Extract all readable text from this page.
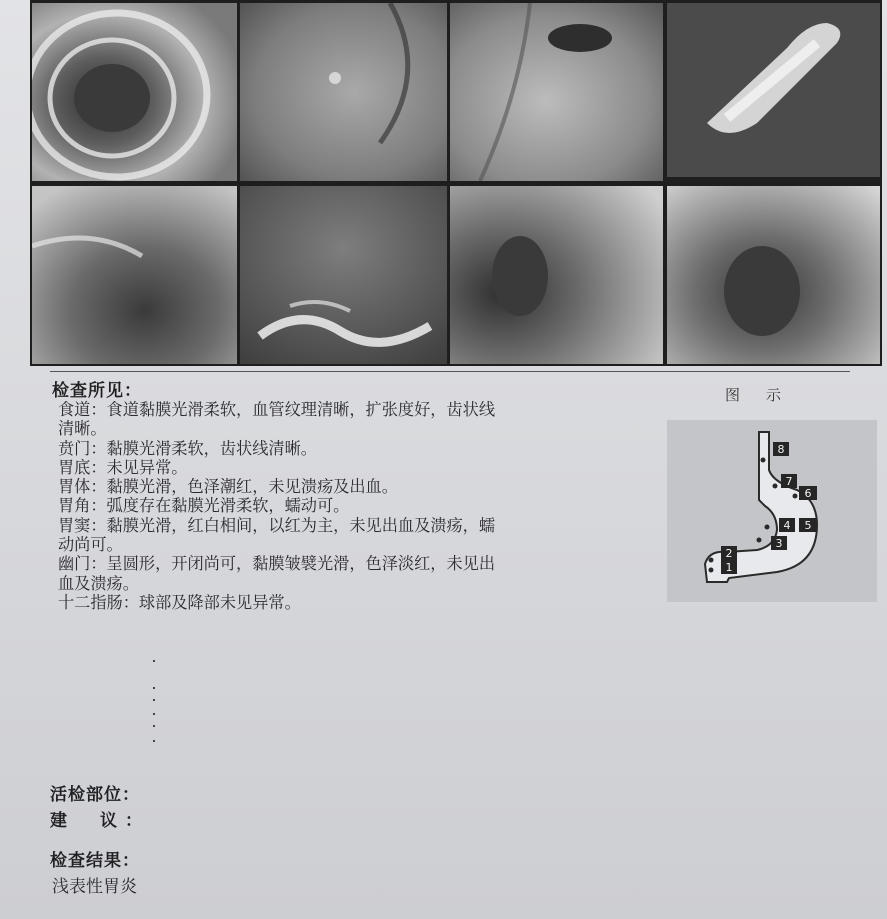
检查所见：
食道：食道黏膜光滑柔软，血管纹理清晰，扩张度好，齿状线
清晰。
贲门：黏膜光滑柔软，齿状线清晰。
胃底：未见异常。
胃体：黏膜光滑，色泽潮红，未见溃疡及出血。
胃角：弧度存在黏膜光滑柔软，蠕动可。
胃窦：黏膜光滑，红白相间，以红为主，未见出血及溃疡，蠕
动尚可。
幽门：呈圆形，开闭尚可，黏膜皱襞光滑，色泽淡红，未见出
血及溃疡。
十二指肠：球部及降部未见异常。
图示
8
7
6
4 5
3
2
1
活检部位：
建　议：
检查结果：
浅表性胃炎
